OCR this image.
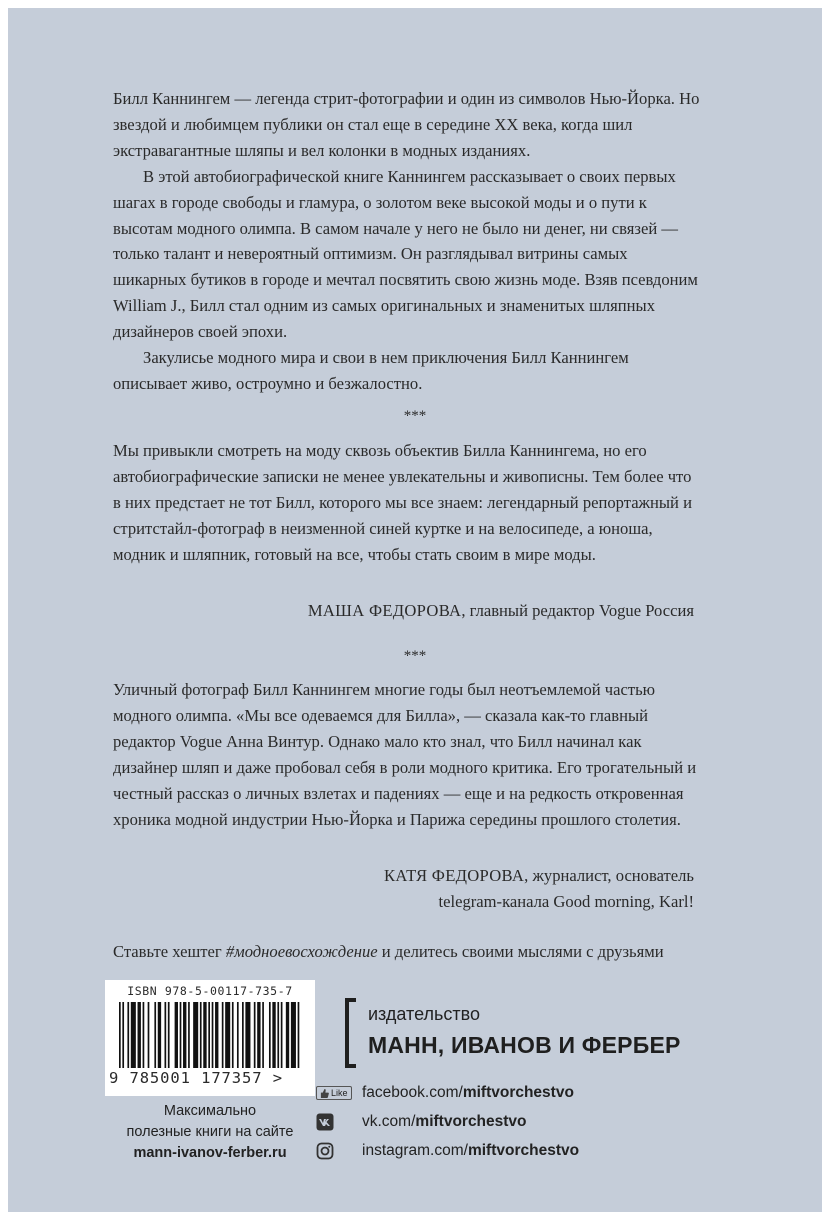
Билл Каннингем — легенда стрит-фотографии и один из символов Нью-Йорка. Но звездой и любимцем публики он стал еще в середине XX века, когда шил экстравагантные шляпы и вел колонки в модных изданиях.

В этой автобиографической книге Каннингем рассказывает о своих первых шагах в городе свободы и гламура, о золотом веке высокой моды и о пути к высотам модного олимпа. В самом начале у него не было ни денег, ни связей — только талант и невероятный оптимизм. Он разглядывал витрины самых шикарных бутиков в городе и мечтал посвятить свою жизнь моде. Взяв псевдоним William J., Билл стал одним из самых оригинальных и знаменитых шляпных дизайнеров своей эпохи.

Закулисье модного мира и свои в нем приключения Билл Каннингем описывает живо, остроумно и безжалостно.

***

Мы привыкли смотреть на моду сквозь объектив Билла Каннингема, но его автобиографические записки не менее увлекательны и живописны. Тем более что в них предстает не тот Билл, которого мы все знаем: легендарный репортажный и стритстайл-фотограф в неизменной синей куртке и на велосипеде, а юноша, модник и шляпник, готовый на все, чтобы стать своим в мире моды.

МАША ФЕДОРОВА, главный редактор Vogue Россия
***

Уличный фотограф Билл Каннингем многие годы был неотъемлемой частью модного олимпа. «Мы все одеваемся для Билла», — сказала как-то главный редактор Vogue Анна Винтур. Однако мало кто знал, что Билл начинал как дизайнер шляп и даже пробовал себя в роли модного критика. Его трогательный и честный рассказ о личных взлетах и падениях — еще и на редкость откровенная хроника модной индустрии Нью-Йорка и Парижа середины прошлого столетия.

КАТЯ ФЕДОРОВА, журналист, основатель
telegram-канала Good morning, Karl!
Ставьте хештег #модноевосхождение и делитесь своими мыслями с друзьями
ISBN 978-5-00117-735-7
9 785001 177357 >
Максимально
полезные книги на сайте
mann-ivanov-ferber.ru
издательство
МАНН, ИВАНОВ И ФЕРБЕР
Like facebook.com/ miftvorchestvo
vk.com/ miftvorchestvo
instagram.com/ miftvorchestvo
